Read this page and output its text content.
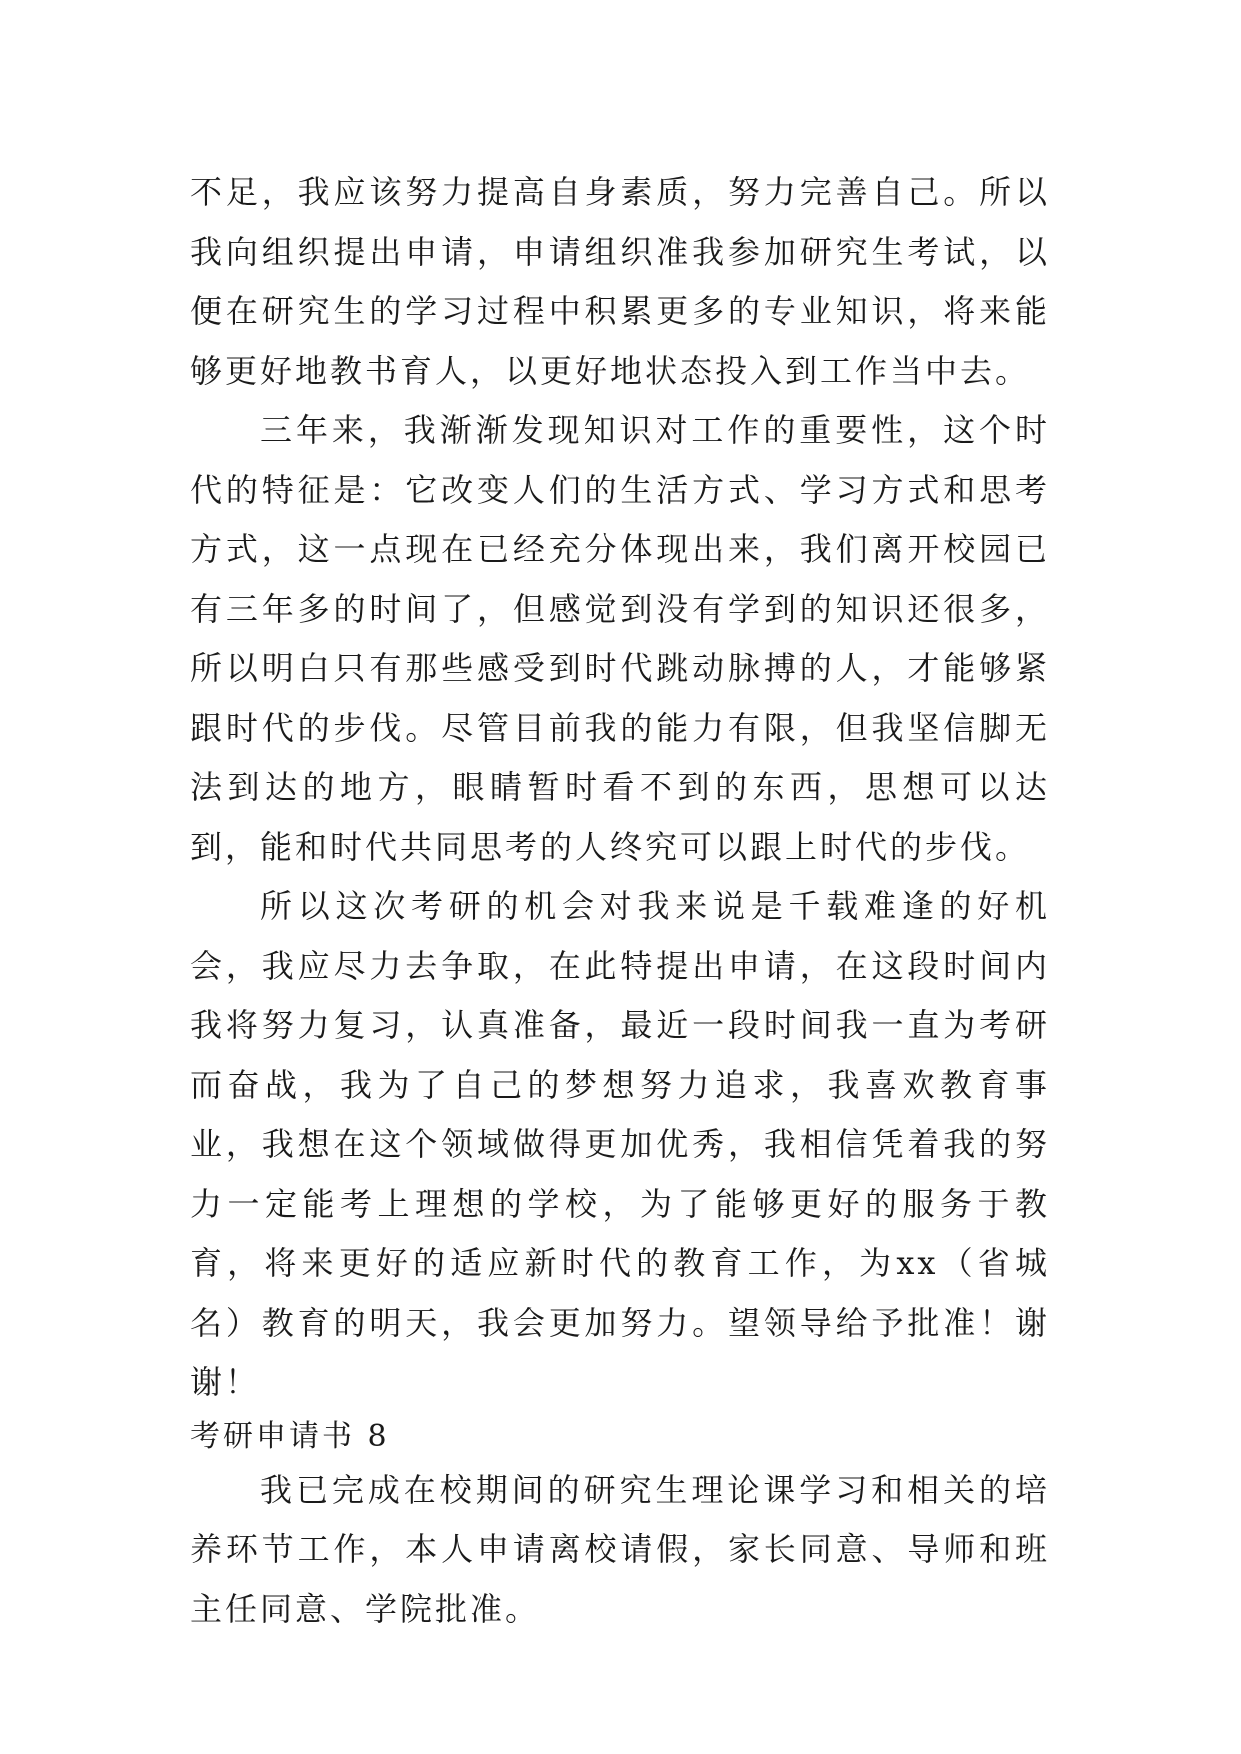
不足，我应该努力提高自身素质，努力完善自己。所以我向组织提出申请，申请组织准我参加研究生考试，以便在研究生的学习过程中积累更多的专业知识，将来能够更好地教书育人，以更好地状态投入到工作当中去。

三年来，我渐渐发现知识对工作的重要性，这个时代的特征是：它改变人们的生活方式、学习方式和思考方式，这一点现在已经充分体现出来，我们离开校园已有三年多的时间了，但感觉到没有学到的知识还很多，所以明白只有那些感受到时代跳动脉搏的人，才能够紧跟时代的步伐。尽管目前我的能力有限，但我坚信脚无法到达的地方，眼睛暂时看不到的东西，思想可以达到，能和时代共同思考的人终究可以跟上时代的步伐。

所以这次考研的机会对我来说是千载难逢的好机会，我应尽力去争取，在此特提出申请，在这段时间内我将努力复习，认真准备，最近一段时间我一直为考研而奋战，我为了自己的梦想努力追求，我喜欢教育事业，我想在这个领域做得更加优秀，我相信凭着我的努力一定能考上理想的学校，为了能够更好的服务于教育，将来更好的适应新时代的教育工作，为xx（省城名）教育的明天，我会更加努力。望领导给予批准！谢谢！

考研申请书 8

我已完成在校期间的研究生理论课学习和相关的培养环节工作，本人申请离校请假，家长同意、导师和班主任同意、学院批准。
